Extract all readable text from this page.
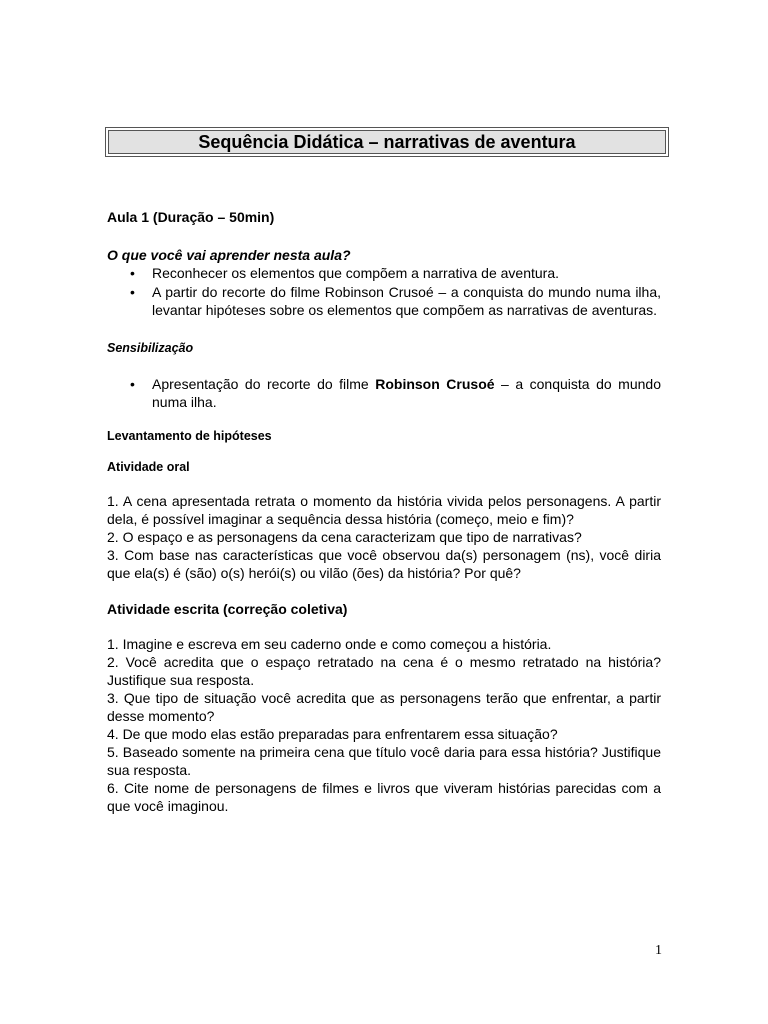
Sequência Didática – narrativas de aventura

Aula 1 (Duração – 50min)

O que você vai aprender nesta aula?

• Reconhecer os elementos que compõem a narrativa de aventura.
• A partir do recorte do filme Robinson Crusoé – a conquista do mundo numa ilha, levantar hipóteses sobre os elementos que compõem as narrativas de aventuras.

Sensibilização

• Apresentação do recorte do filme Robinson Crusoé – a conquista do mundo numa ilha.

Levantamento de hipóteses

Atividade oral

1. A cena apresentada retrata o momento da história vivida pelos personagens. A partir dela, é possível imaginar a sequência dessa história (começo, meio e fim)?

2. O espaço e as personagens da cena caracterizam que tipo de narrativas?

3. Com base nas características que você observou da(s) personagem (ns), você diria que ela(s) é (são) o(s) herói(s) ou vilão (ões) da história? Por quê?

Atividade escrita (correção coletiva)

1. Imagine e escreva em seu caderno onde e como começou a história.

2. Você acredita que o espaço retratado na cena é o mesmo retratado na história? Justifique sua resposta.

3. Que tipo de situação você acredita que as personagens terão que enfrentar, a partir desse momento?

4. De que modo elas estão preparadas para enfrentarem essa situação?

5. Baseado somente na primeira cena que título você daria para essa história? Justifique sua resposta.

6. Cite nome de personagens de filmes e livros que viveram histórias parecidas com a que você imaginou.

1
